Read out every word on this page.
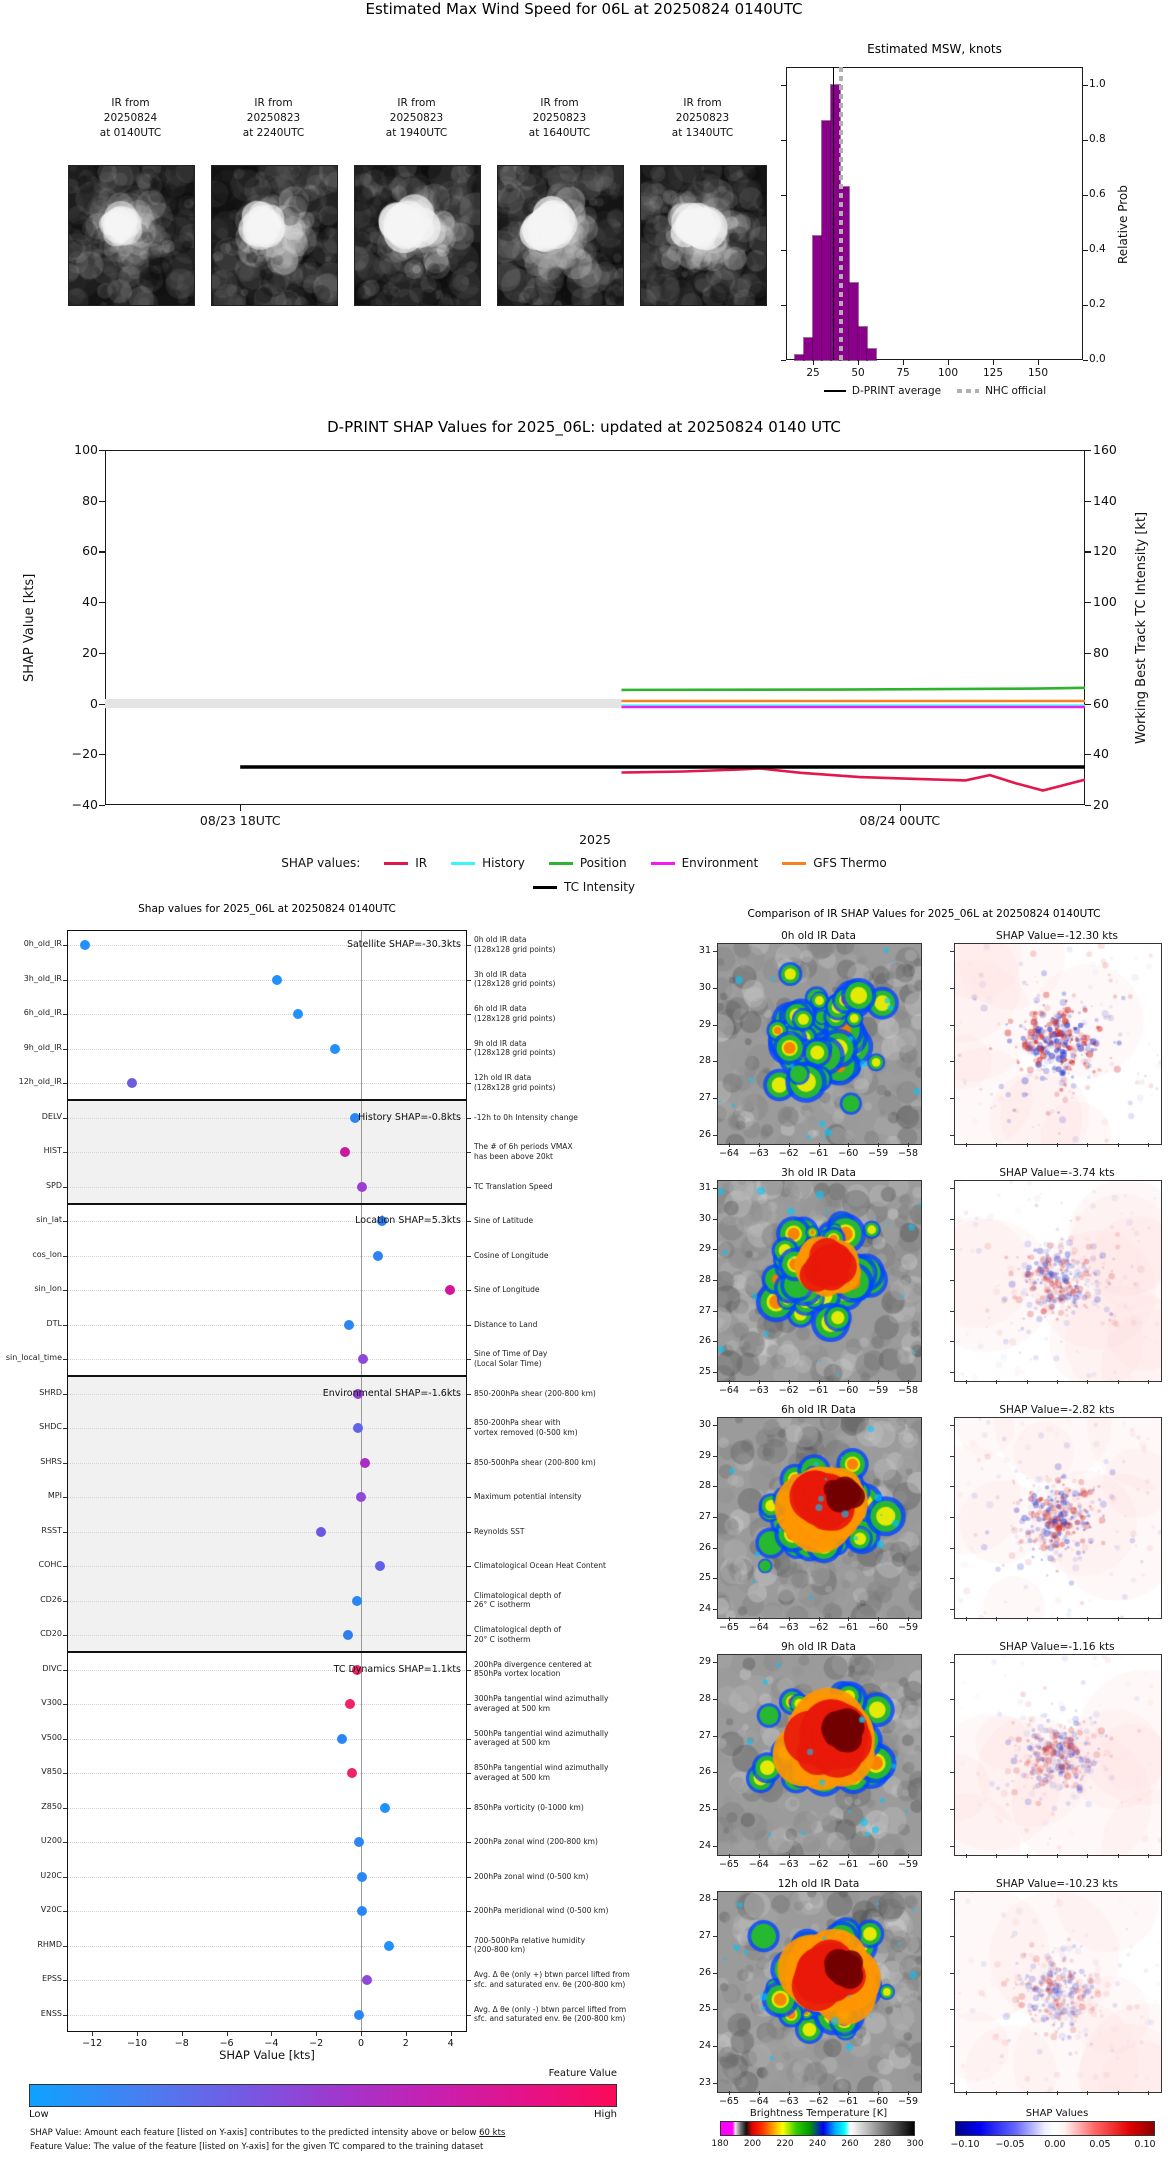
Estimated Max Wind Speed for 06L at 20250824 0140UTC
Estimated MSW, knots
Relative Prob
D-PRINT SHAP Values for 2025_06L: updated at 20250824 0140 UTC
SHAP Value [kts]	Working Best Track TC Intensity [kt]
2025
Shap values for 2025_06L at 20250824 0140UTC
SHAP Value [kts]
Feature Value
Low	High
Comparison of IR SHAP Values for 2025_06L at 20250824 0140UTC
Brightness Temperature [K]	SHAP Values
IR from
20250824
at 0140UTC
IR from
20250823
at 2240UTC
IR from
20250823
at 1940UTC
IR from
20250823
at 1640UTC
IR from
20250823
at 1340UTC
1.0
0.8
0.6
0.4
0.2
0.0
25	50	75	100	125	150
D-PRINT average	NHC official
100	160
80	140
60	120
40	100
20	80
0	60
−20	40
−40	20
08/23 18UTC	08/24 00UTC
SHAP values:	IR	History	Position	Environment	GFS Thermo
TC Intensity
0h_old_IR	0h old IR data
(128x128 grid points)
3h_old_IR	3h old IR data
(128x128 grid points)
6h_old_IR	6h old IR data
(128x128 grid points)
9h_old_IR	9h old IR data
(128x128 grid points)
12h_old_IR	12h old IR data
(128x128 grid points)
Satellite SHAP=-30.3kts
DELV	-12h to 0h Intensity change
HIST	The # of 6h periods VMAX
has been above 20kt
SPD	TC Translation Speed
History SHAP=-0.8kts
sin_lat	Sine of Latitude
cos_lon	Cosine of Longitude
sin_lon	Sine of Longitude
DTL	Distance to Land
sin_local_time	Sine of Time of Day
(Local Solar Time)
Location SHAP=5.3kts
SHRD	850-200hPa shear (200-800 km)
SHDC	850-200hPa shear with
vortex removed (0-500 km)
SHRS	850-500hPa shear (200-800 km)
MPI	Maximum potential intensity
RSST	Reynolds SST
COHC	Climatological Ocean Heat Content
CD26	Climatological depth of
26° C isotherm
CD20	Climatological depth of
20° C isotherm
Environmental SHAP=-1.6kts
DIVC	200hPa divergence centered at
850hPa vortex location
V300	300hPa tangential wind azimuthally
averaged at 500 km
V500	500hPa tangential wind azimuthally
averaged at 500 km
V850	850hPa tangential wind azimuthally
averaged at 500 km
Z850	850hPa vorticity (0-1000 km)
U200	200hPa zonal wind (200-800 km)
U20C	200hPa zonal wind (0-500 km)
V20C	200hPa meridional wind (0-500 km)
RHMD	700-500hPa relative humidity
(200-800 km)
EPSS	Avg. Δ θe (only +) btwn parcel lifted from
sfc. and saturated env. θe (200-800 km)
ENSS	Avg. Δ θe (only -) btwn parcel lifted from
sfc. and saturated env. θe (200-800 km)
TC Dynamics SHAP=1.1kts
−12	−10	−8	−6	−4	−2	0	2	4
SHAP Value: Amount each feature [listed on Y-axis] contributes to the predicted intensity above or below 60 kts
Feature Value: The value of the feature [listed on Y-axis] for the given TC compared to the training dataset
0h old IR Data	SHAP Value=-12.30 kts
31
30
29
28
27
26
−64	−63	−62	−61	−60	−59	−58
3h old IR Data	SHAP Value=-3.74 kts
31
30
29
28
27
26
25
−64	−63	−62	−61	−60	−59	−58
6h old IR Data	SHAP Value=-2.82 kts
30
29
28
27
26
25
24
−65	−64	−63	−62	−61	−60	−59
9h old IR Data	SHAP Value=-1.16 kts
29
28
27
26
25
24
−65	−64	−63	−62	−61	−60	−59
12h old IR Data	SHAP Value=-10.23 kts
28
27
26
25
24
23
−65	−64	−63	−62	−61	−60	−59
180	200	220	240	260	280	300	−0.10	−0.05	0.00	0.05	0.10
